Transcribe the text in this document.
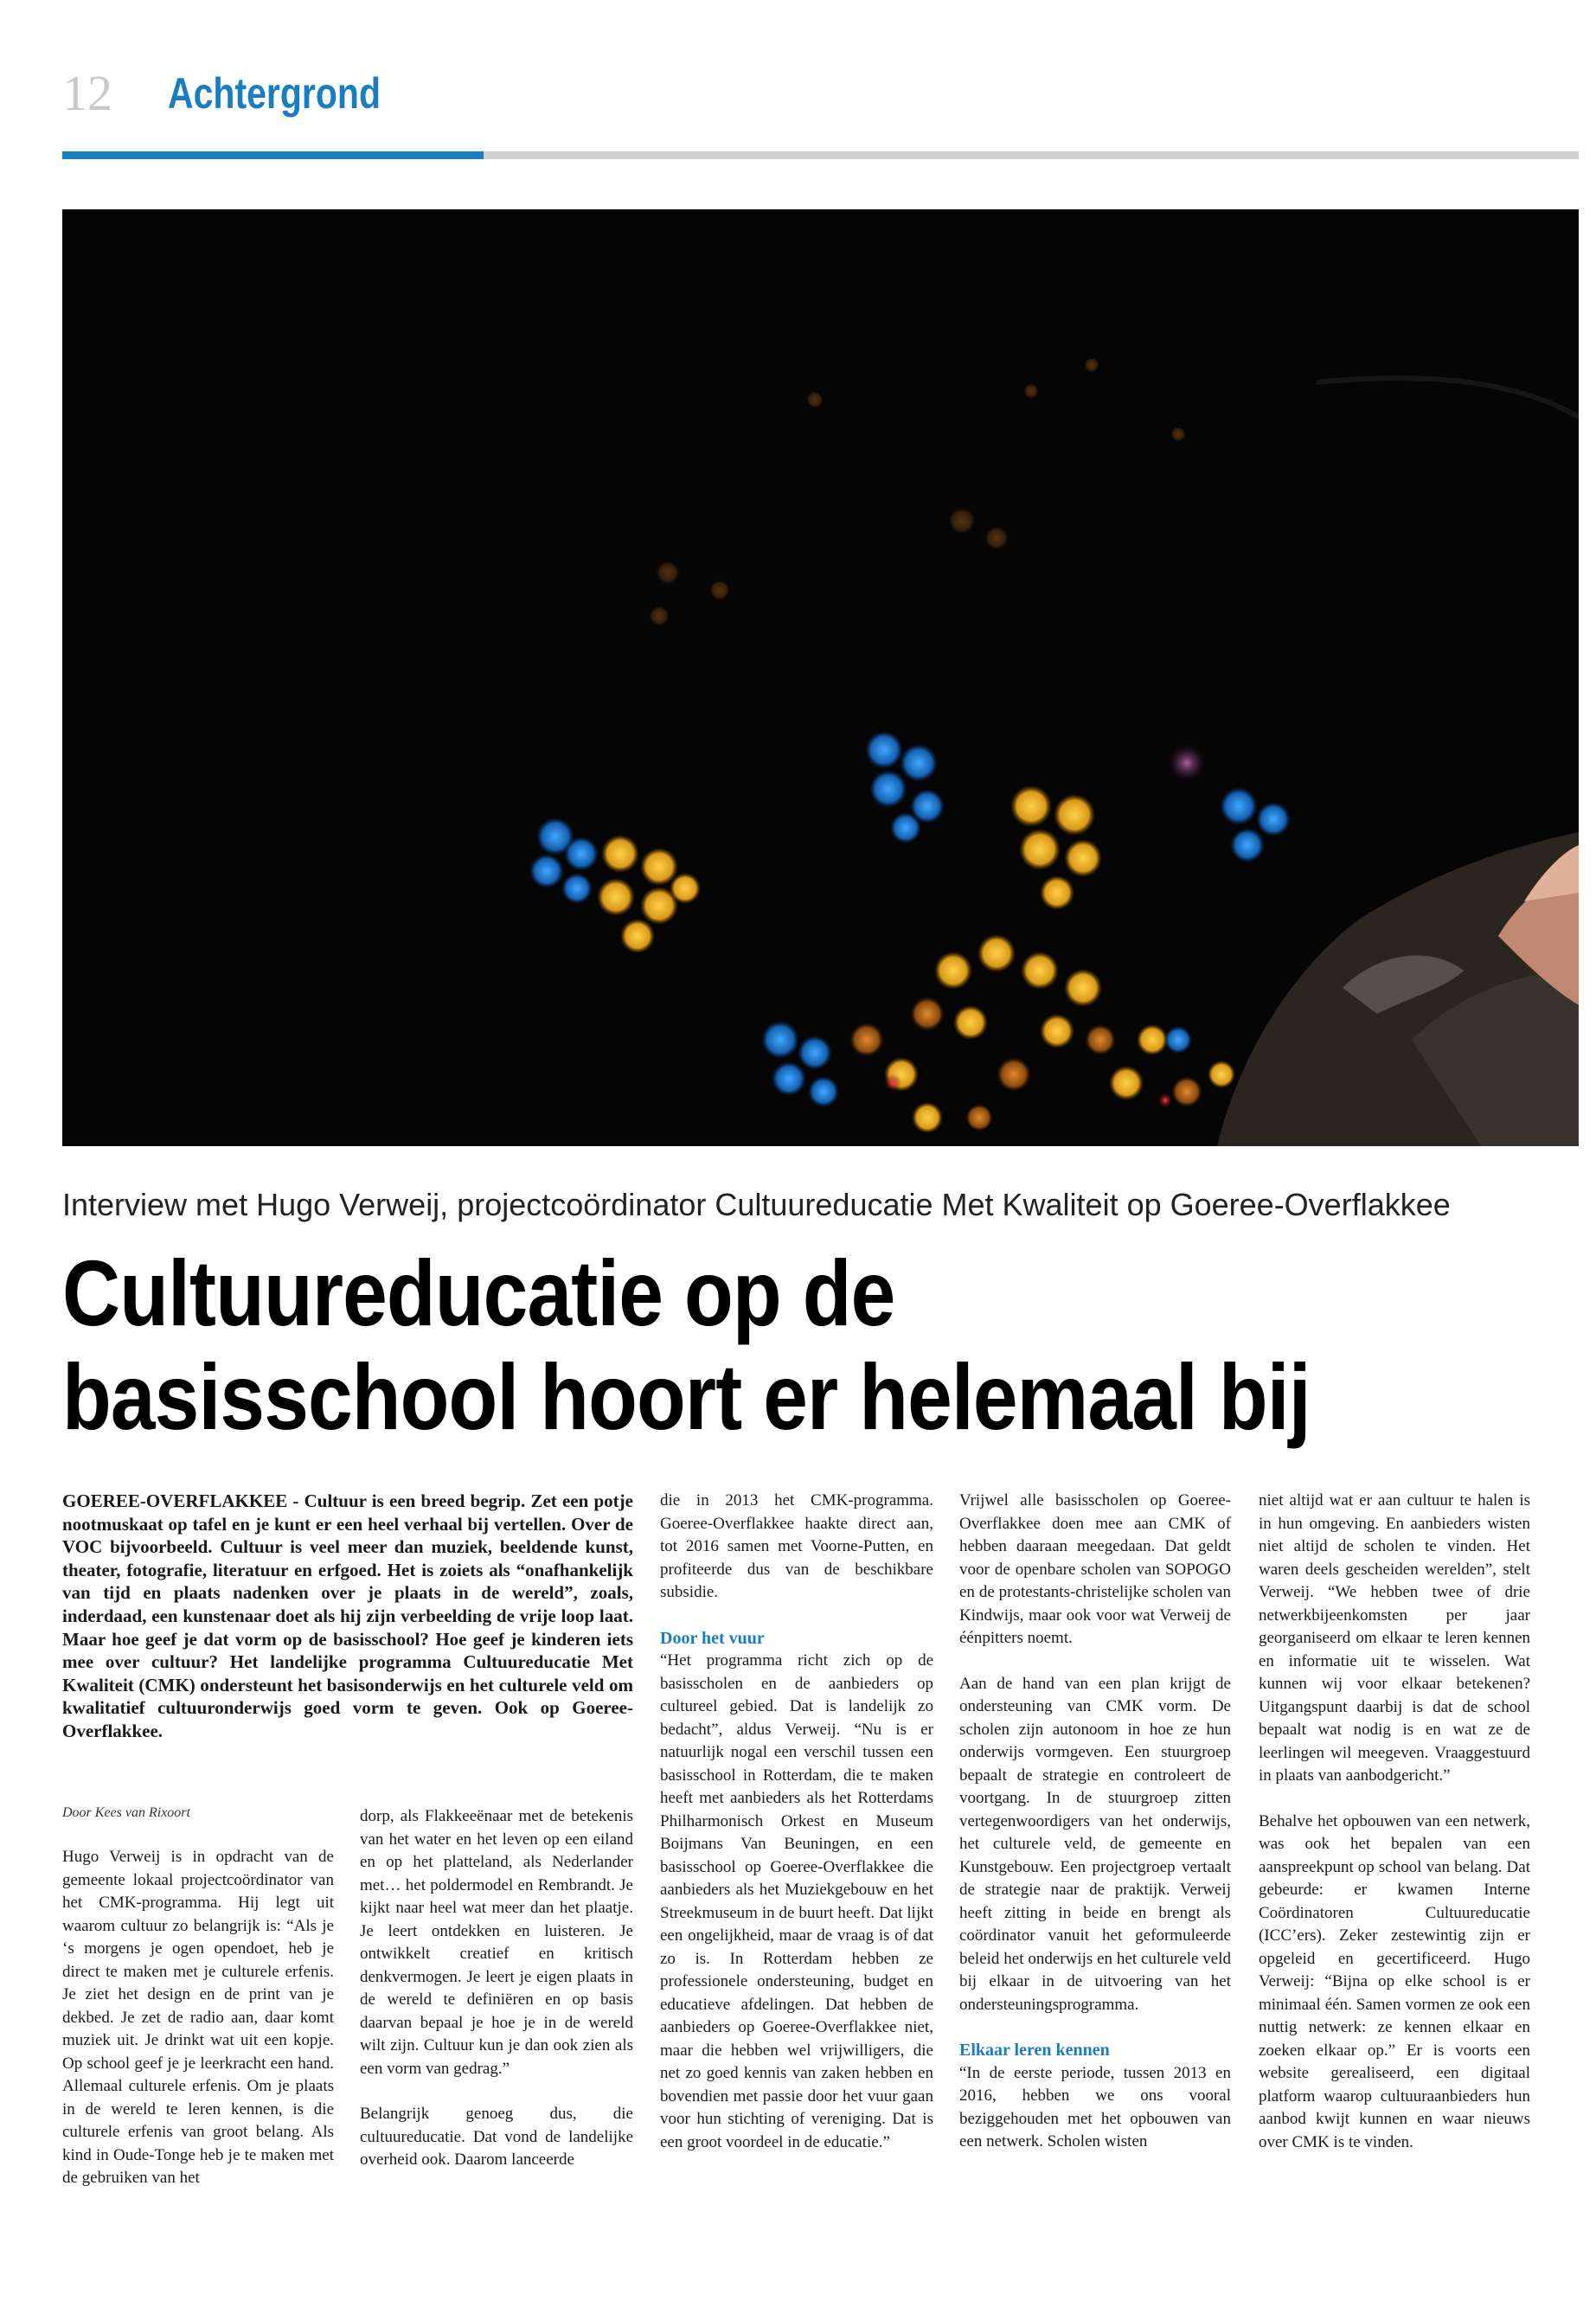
12 Achtergrond
Interview met Hugo Verweij, projectcoördinator Cultuureducatie Met Kwaliteit op Goeree-Overflakkee
Cultuureducatie op de
basisschool hoort er helemaal bij
GOEREE-OVERFLAKKEE - Cultuur is een breed begrip. Zet een potje nootmuskaat op tafel en je kunt er een heel verhaal bij vertellen. Over de VOC bijvoorbeeld. Cultuur is veel meer dan muziek, beeldende kunst, theater, fotografie, literatuur en erfgoed. Het is zoiets als “onafhankelijk van tijd en plaats nadenken over je plaats in de wereld”, zoals, inderdaad, een kunstenaar doet als hij zijn verbeelding de vrije loop laat. Maar hoe geef je dat vorm op de basisschool? Hoe geef je kinderen iets mee over cultuur? Het landelijke programma Cultuureducatie Met Kwaliteit (CMK) ondersteunt het basisonderwijs en het culturele veld om kwalitatief cultuuronderwijs goed vorm te geven. Ook op Goeree-Overflakkee.
Door Kees van Rixoort

Hugo Verweij is in opdracht van de gemeente lokaal projectcoördinator van het CMK-programma. Hij legt uit waarom cultuur zo belangrijk is: “Als je ‘s morgens je ogen opendoet, heb je direct te maken met je culturele erfenis. Je ziet het design en de print van je dekbed. Je zet de radio aan, daar komt muziek uit. Je drinkt wat uit een kopje. Op school geef je je leerkracht een hand. Allemaal culturele erfenis. Om je plaats in de wereld te leren kennen, is die culturele erfenis van groot belang. Als kind in Oude-Tonge heb je te maken met de gebruiken van het

dorp, als Flakkeeënaar met de betekenis van het water en het leven op een eiland en op het platteland, als Nederlander met… het poldermodel en Rembrandt. Je kijkt naar heel wat meer dan het plaatje. Je leert ontdekken en luisteren. Je ontwikkelt creatief en kritisch denkvermogen. Je leert je eigen plaats in de wereld te definiëren en op basis daarvan bepaal je hoe je in de wereld wilt zijn. Cultuur kun je dan ook zien als een vorm van gedrag.”

Belangrijk genoeg dus, die cultuureducatie. Dat vond de landelijke overheid ook. Daarom lanceerde

die in 2013 het CMK-programma. Goeree-Overflakkee haakte direct aan, tot 2016 samen met Voorne-Putten, en profiteerde dus van de beschikbare subsidie.

Door het vuur

“Het programma richt zich op de basisscholen en de aanbieders op cultureel gebied. Dat is landelijk zo bedacht”, aldus Verweij. “Nu is er natuurlijk nogal een verschil tussen een basisschool in Rotterdam, die te maken heeft met aanbieders als het Rotterdams Philharmonisch Orkest en Museum Boijmans Van Beuningen, en een basisschool op Goeree-Overflakkee die aanbieders als het Muziekgebouw en het Streekmuseum in de buurt heeft. Dat lijkt een ongelijkheid, maar de vraag is of dat zo is. In Rotterdam hebben ze professionele ondersteuning, budget en educatieve afdelingen. Dat hebben de aanbieders op Goeree-Overflakkee niet, maar die hebben wel vrijwilligers, die net zo goed kennis van zaken hebben en bovendien met passie door het vuur gaan voor hun stichting of vereniging. Dat is een groot voordeel in de educatie.”

Vrijwel alle basisscholen op Goeree-Overflakkee doen mee aan CMK of hebben daaraan meegedaan. Dat geldt voor de openbare scholen van SOPOGO en de protestants-christelijke scholen van Kindwijs, maar ook voor wat Verweij de éénpitters noemt.

Aan de hand van een plan krijgt de ondersteuning van CMK vorm. De scholen zijn autonoom in hoe ze hun onderwijs vormgeven. Een stuurgroep bepaalt de strategie en controleert de voortgang. In de stuurgroep zitten vertegenwoordigers van het onderwijs, het culturele veld, de gemeente en Kunstgebouw. Een projectgroep vertaalt de strategie naar de praktijk. Verweij heeft zitting in beide en brengt als coördinator vanuit het geformuleerde beleid het onderwijs en het culturele veld bij elkaar in de uitvoering van het ondersteuningsprogramma.

Elkaar leren kennen

“In de eerste periode, tussen 2013 en 2016, hebben we ons vooral beziggehouden met het opbouwen van een netwerk. Scholen wisten

niet altijd wat er aan cultuur te halen is in hun omgeving. En aanbieders wisten niet altijd de scholen te vinden. Het waren deels gescheiden werelden”, stelt Verweij. “We hebben twee of drie netwerkbijeenkomsten per jaar georganiseerd om elkaar te leren kennen en informatie uit te wisselen. Wat kunnen wij voor elkaar betekenen? Uitgangspunt daarbij is dat de school bepaalt wat nodig is en wat ze de leerlingen wil meegeven. Vraaggestuurd in plaats van aanbodgericht.”

Behalve het opbouwen van een netwerk, was ook het bepalen van een aanspreekpunt op school van belang. Dat gebeurde: er kwamen Interne Coördinatoren Cultuureducatie (ICC’ers). Zeker zestewintig zijn er opgeleid en gecertificeerd. Hugo Verweij: “Bijna op elke school is er minimaal één. Samen vormen ze ook een nuttig netwerk: ze kennen elkaar en zoeken elkaar op.” Er is voorts een website gerealiseerd, een digitaal platform waarop cultuuraanbieders hun aanbod kwijt kunnen en waar nieuws over CMK is te vinden.
